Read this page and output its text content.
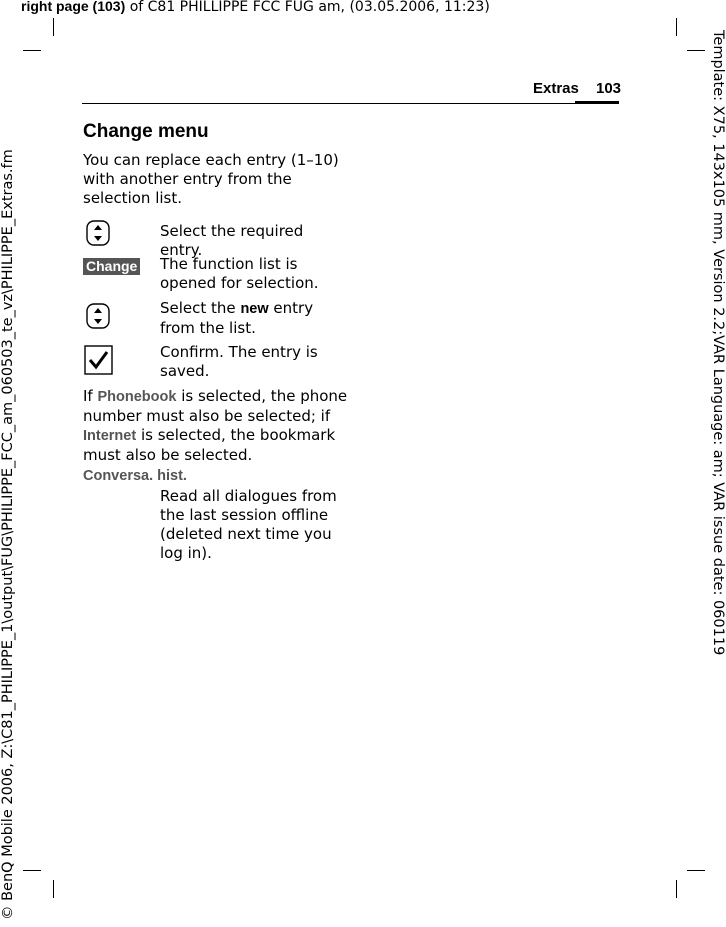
right page (103) of C81 PHILLIPPE FCC FUG am, (03.05.2006, 11:23)
© BenQ Mobile 2006, Z:\C81_PHILIPPE_1\output\FUG\PHILIPPE_FCC_am_060503_te_vz\PHILIPPE_Extras.fm	Template: X75, 143x105 mm, Version 2.2;VAR Language: am; VAR issue date: 060119
Extras 103
Change menu
You can replace each entry (1–10) with another entry from the selection list.
Select the required entry.
Change The function list is opened for selection.
Select the new entry from the list.
Confirm. The entry is saved.
If Phonebook is selected, the phone number must also be selected; if Internet is selected, the bookmark must also be selected.
Conversa. hist.
Read all dialogues from the last session offline (deleted next time you log in).
